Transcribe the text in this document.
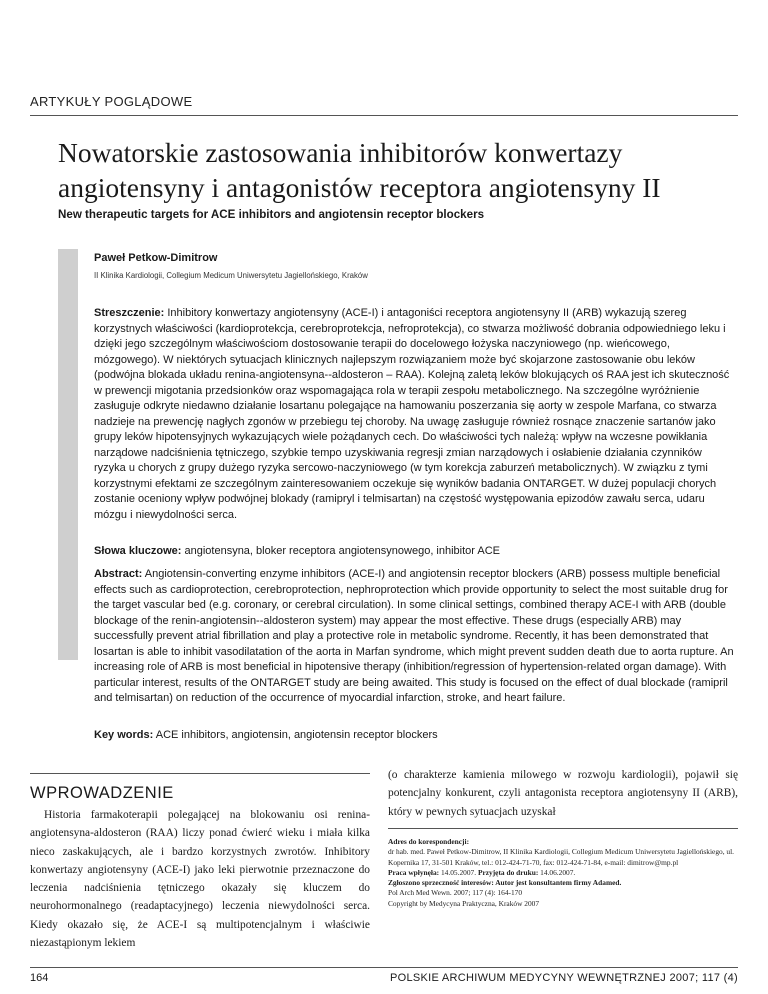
ARTYKUŁY POGLĄDOWE
Nowatorskie zastosowania inhibitorów konwertazy angiotensyny i antagonistów receptora angiotensyny II
New therapeutic targets for ACE inhibitors and angiotensin receptor blockers
Paweł Petkow-Dimitrow
II Klinika Kardiologii, Collegium Medicum Uniwersytetu Jagiellońskiego, Kraków
Streszczenie: Inhibitory konwertazy angiotensyny (ACE-I) i antagoniści receptora angiotensyny II (ARB) wykazują szereg korzystnych właściwości (kardioprotekcja, cerebroprotekcja, nefroprotekcja), co stwarza możliwość dobrania odpowiedniego leku i dzięki jego szczególnym właściwościom dostosowanie terapii do docelowego łożyska naczyniowego (np. wieńcowego, mózgowego). W niektórych sytuacjach klinicznych najlepszym rozwiązaniem może być skojarzone zastosowanie obu leków (podwójna blokada układu renina-angiotensyna--aldosteron – RAA). Kolejną zaletą leków blokujących oś RAA jest ich skuteczność w prewencji migotania przedsionków oraz wspomagająca rola w terapii zespołu metabolicznego. Na szczególne wyróżnienie zasługuje odkryte niedawno działanie losartanu polegające na hamowaniu poszerzania się aorty w zespole Marfana, co stwarza nadzieje na prewencję nagłych zgonów w przebiegu tej choroby. Na uwagę zasługuje również rosnące znaczenie sartanów jako grupy leków hipotensyjnych wykazujących wiele pożądanych cech. Do właściwości tych należą: wpływ na wczesne powikłania narządowe nadciśnienia tętniczego, szybkie tempo uzyskiwania regresji zmian narządowych i osłabienie działania czynników ryzyka u chorych z grupy dużego ryzyka sercowo-naczyniowego (w tym korekcja zaburzeń metabolicznych). W związku z tymi korzystnymi efektami ze szczególnym zainteresowaniem oczekuje się wyników badania ONTARGET. W dużej populacji chorych zostanie oceniony wpływ podwójnej blokady (ramipryl i telmisartan) na częstość występowania epizodów zawału serca, udaru mózgu i niewydolności serca.
Słowa kluczowe: angiotensyna, bloker receptora angiotensynowego, inhibitor ACE
Abstract: Angiotensin-converting enzyme inhibitors (ACE-I) and angiotensin receptor blockers (ARB) possess multiple beneficial effects such as cardioprotection, cerebroprotection, nephroprotection which provide opportunity to select the most suitable drug for the target vascular bed (e.g. coronary, or cerebral circulation). In some clinical settings, combined therapy ACE-I with ARB (double blockage of the renin-angiotensin--aldosteron system) may appear the most effective. These drugs (especially ARB) may successfully prevent atrial fibrillation and play a protective role in metabolic syndrome. Recently, it has been demonstrated that losartan is able to inhibit vasodilatation of the aorta in Marfan syndrome, which might prevent sudden death due to aorta rupture. An increasing role of ARB is most beneficial in hipotensive therapy (inhibition/regression of hypertension-related organ damage). With particular interest, results of the ONTARGET study are being awaited. This study is focused on the effect of dual blockade (ramipril and telmisartan) on reduction of the occurrence of myocardial infarction, stroke, and heart failure.
Key words: ACE inhibitors, angiotensin, angiotensin receptor blockers
WPROWADZENIE
Historia farmakoterapii polegającej na blokowaniu osi renina-angiotensyna-aldosteron (RAA) liczy ponad ćwierć wieku i miała kilka nieco zaskakujących, ale i bardzo korzystnych zwrotów. Inhibitory konwertazy angiotensyny (ACE-I) jako leki pierwotnie przeznaczone do leczenia nadciśnienia tętniczego okazały się kluczem do neurohormonalnego (readaptacyjnego) leczenia niewydolności serca. Kiedy okazało się, że ACE-I są multipotencjalnym i właściwie niezastąpionym lekiem
(o charakterze kamienia milowego w rozwoju kardiologii), pojawił się potencjalny konkurent, czyli antagonista receptora angiotensyny II (ARB), który w pewnych sytuacjach uzyskał
Adres do korespondencji:
dr hab. med. Paweł Petkow-Dimitrow, II Klinika Kardiologii, Collegium Medicum Uniwersytetu Jagiellońskiego, ul. Kopernika 17, 31-501 Kraków, tel.: 012-424-71-70, fax: 012-424-71-84, e-mail: dimitrow@mp.pl
Praca wpłynęła: 14.05.2007. Przyjęta do druku: 14.06.2007.
Zgłoszono sprzeczność interesów: Autor jest konsultantem firmy Adamed.
Pol Arch Med Wewn. 2007; 117 (4): 164-170
Copyright by Medycyna Praktyczna, Kraków 2007
164	POLSKIE ARCHIWUM MEDYCYNY WEWNĘTRZNEJ 2007; 117 (4)
